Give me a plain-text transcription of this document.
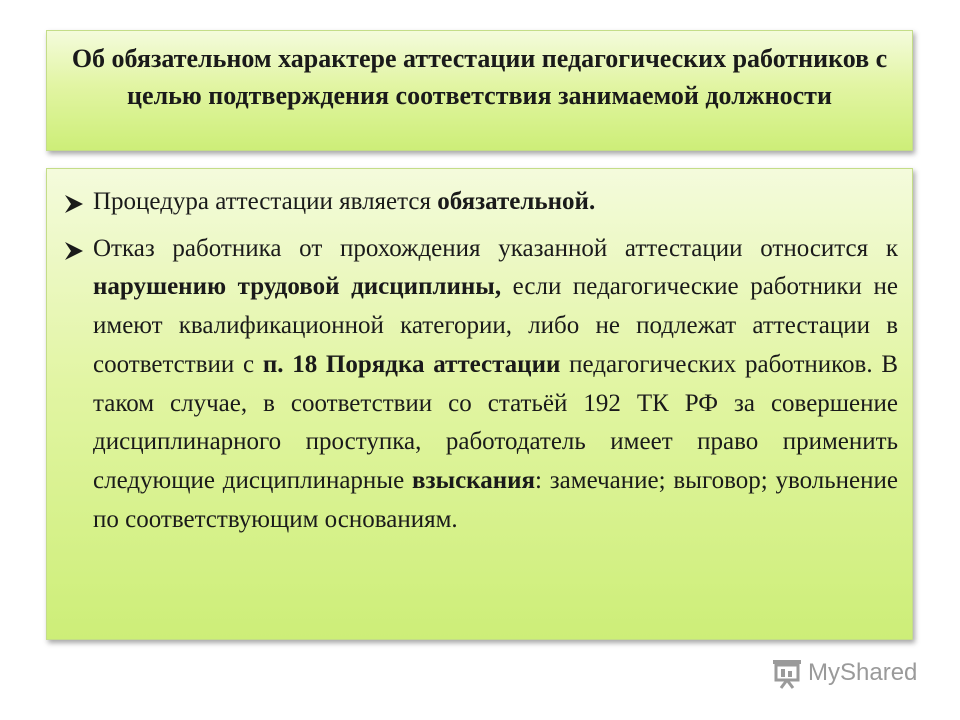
Об обязательном характере аттестации педагогических работников с целью подтверждения соответствия занимаемой должности
Процедура аттестации является обязательной.
Отказ работника от прохождения указанной аттестации относится к нарушению трудовой дисциплины, если педагогические работники не имеют квалификационной категории, либо не подлежат аттестации в соответствии с п. 18 Порядка аттестации педагогических работников. В таком случае, в соответствии со статьёй 192 ТК РФ за совершение дисциплинарного проступка, работодатель имеет право применить следующие дисциплинарные взыскания: замечание; выговор; увольнение по соответствующим основаниям.
MyShared
